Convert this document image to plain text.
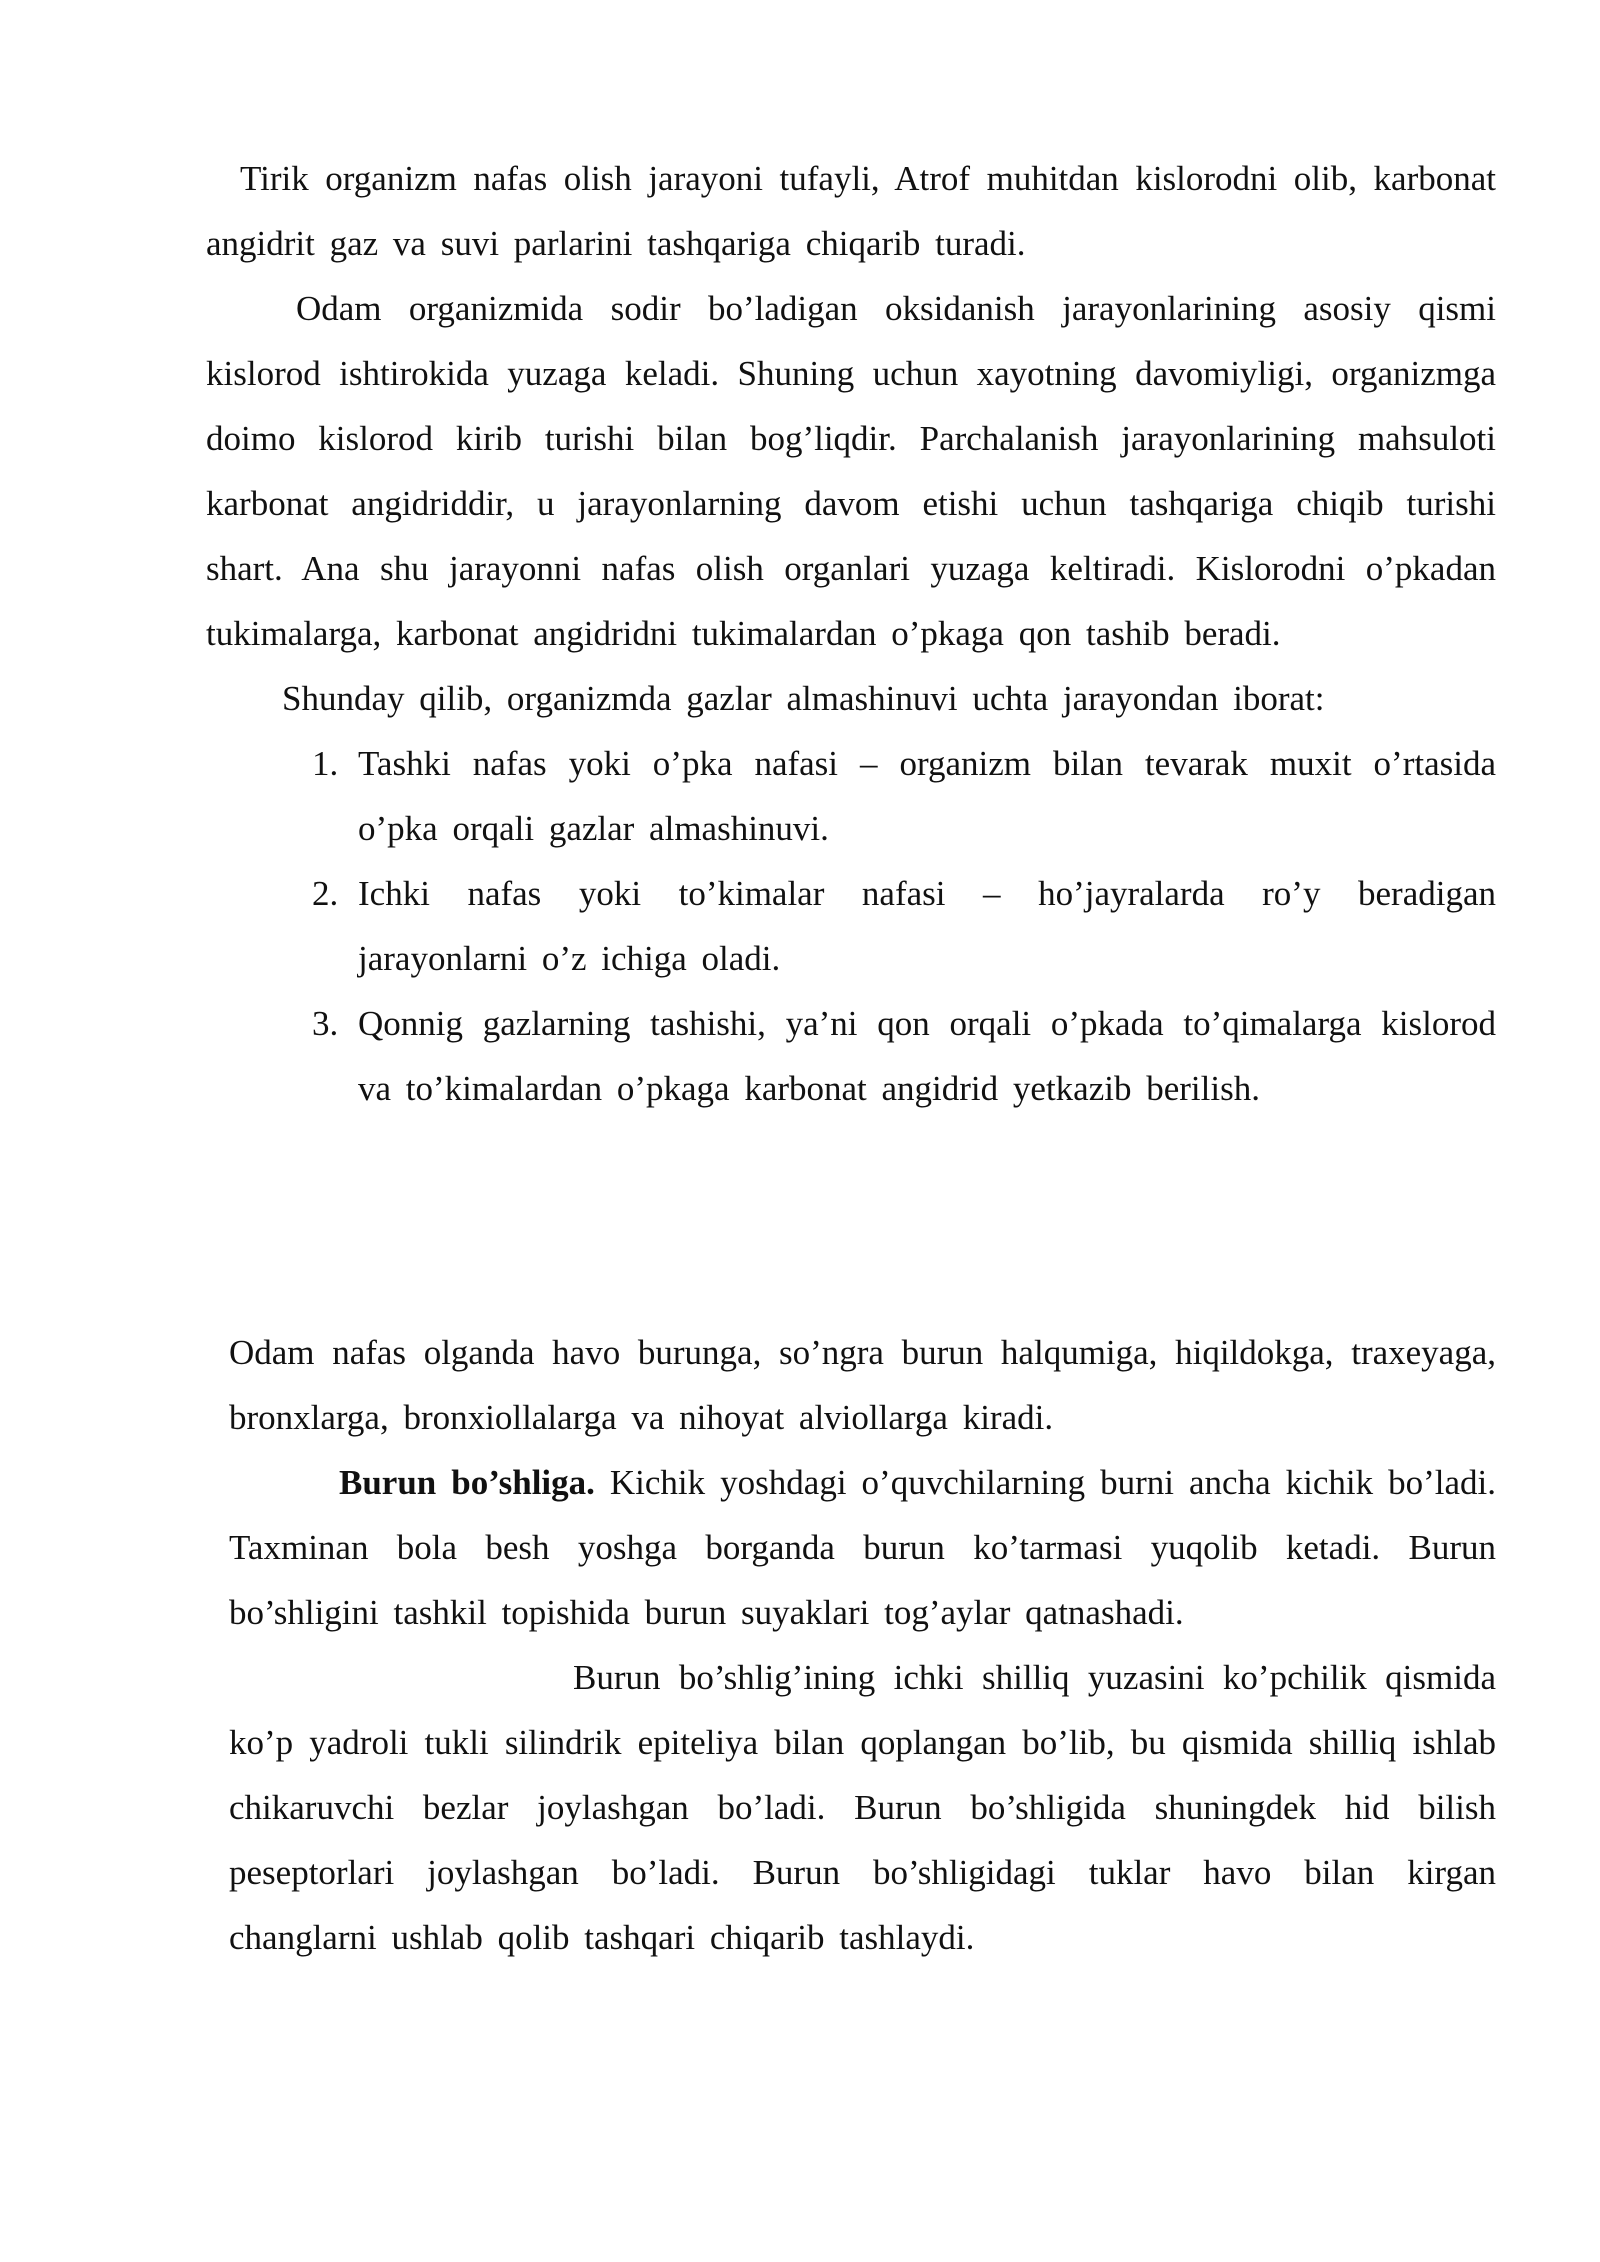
Tirik organizm nafas olish jarayoni tufayli, Atrof muhitdan kislorodni olib, karbonat angidrit gaz va suvi parlarini tashqariga chiqarib turadi.

Odam organizmida sodir bo’ladigan oksidanish jarayonlarining asosiy qismi kislorod ishtirokida yuzaga keladi. Shuning uchun xayotning davomiyligi, organizmga doimo kislorod kirib turishi bilan bog’liqdir. Parchalanish jarayonlarining mahsuloti karbonat angidriddir, u jarayonlarning davom etishi uchun tashqariga chiqib turishi shart. Ana shu jarayonni nafas olish organlari yuzaga keltiradi. Kislorodni o’pkadan tukimalarga, karbonat angidridni tukimalardan o’pkaga qon tashib beradi.

Shunday qilib, organizmda gazlar almashinuvi uchta jarayondan iborat:

1. Tashki nafas yoki o’pka nafasi – organizm bilan tevarak muxit o’rtasida o’pka orqali gazlar almashinuvi.
2. Ichki nafas yoki to’kimalar nafasi – ho’jayralarda ro’y beradigan jarayonlarni o’z ichiga oladi.
3. Qonnig gazlarning tashishi, ya’ni qon orqali o’pkada to’qimalarga kislorod va to’kimalardan o’pkaga karbonat angidrid yetkazib berilish.

Odam nafas olganda havo burunga, so’ngra burun halqumiga, hiqildokga, traxeyaga, bronxlarga, bronxiollalarga va nihoyat alviollarga kiradi.

Burun bo’shliga. Kichik yoshdagi o’quvchilarning burni ancha kichik bo’ladi. Taxminan bola besh yoshga borganda burun ko’tarmasi yuqolib ketadi. Burun bo’shligini tashkil topishida burun suyaklari tog’aylar qatnashadi.

Burun bo’shlig’ining ichki shilliq yuzasini ko’pchilik qismida ko’p yadroli tukli silindrik epiteliya bilan qoplangan bo’lib, bu qismida shilliq ishlab chikaruvchi bezlar joylashgan bo’ladi. Burun bo’shligida shuningdek hid bilish peseptorlari joylashgan bo’ladi. Burun bo’shligidagi tuklar havo bilan kirgan changlarni ushlab qolib tashqari chiqarib tashlaydi.
